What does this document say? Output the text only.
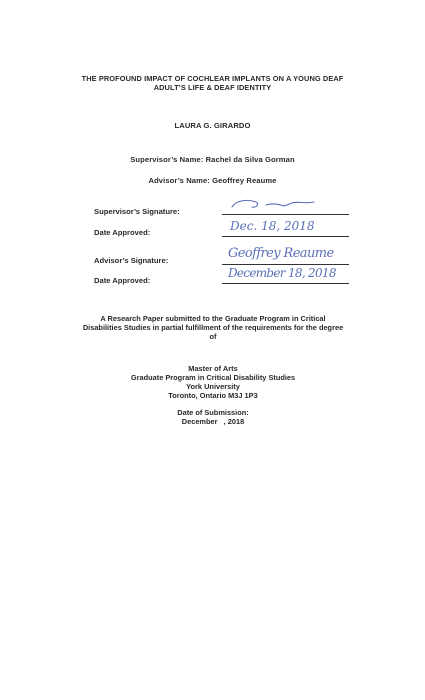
THE PROFOUND IMPACT OF COCHLEAR IMPLANTS ON A YOUNG DEAF
ADULT’S LIFE & DEAF IDENTITY
LAURA G. GIRARDO
Supervisor’s Name: Rachel da Silva Gorman
Advisor’s Name: Geoffrey Reaume
Supervisor’s Signature:
Date Approved:	Dec. 18, 2018
Advisor’s Signature:	Geoffrey Reaume
Date Approved:
December 18, 2018
A Research Paper submitted to the Graduate Program in Critical
Disabilities Studies in partial fulfillment of the requirements for the degree
of
Master of Arts
Graduate Program in Critical Disability Studies
York University
Toronto, Ontario M3J 1P3
Date of Submission:
December   , 2018
